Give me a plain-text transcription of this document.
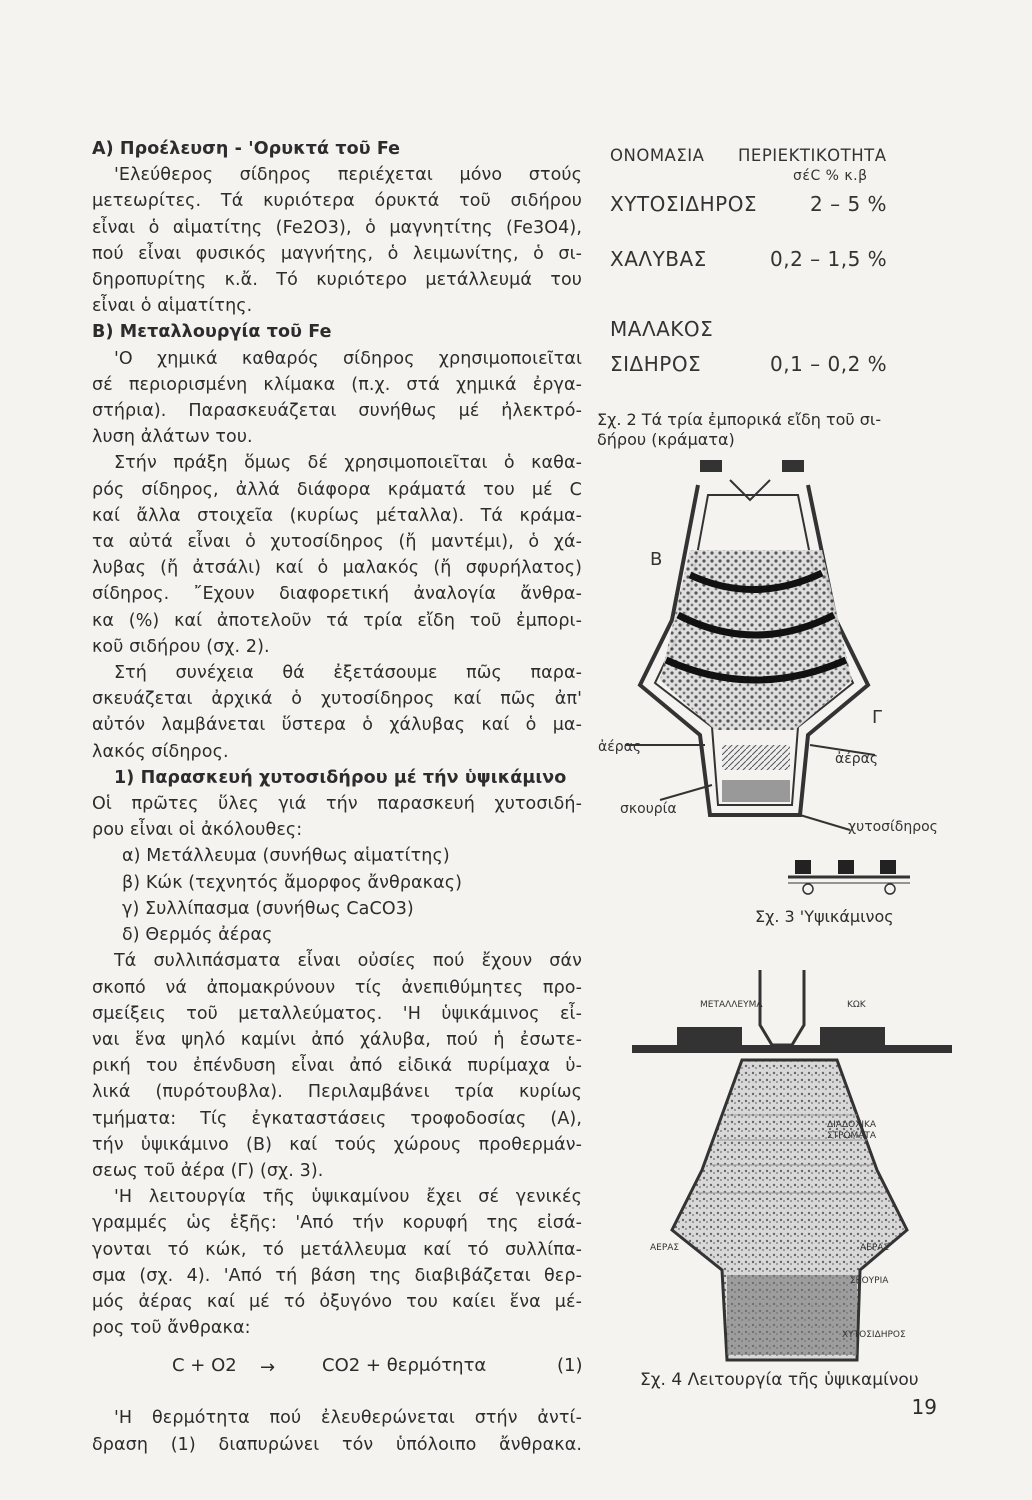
Α) Προέλευση - 'Ορυκτά τοῦ Fe
'Ελεύθερος σίδηρος περιέχεται μόνο στούς
μετεωρίτες. Τά κυριότερα όρυκτά τοῦ σιδήρου
εἶναι ὁ αἱματίτης (Fe2O3), ὁ μαγνητίτης (Fe3O4),
πού εἶναι φυσικός μαγνήτης, ὁ λειμωνίτης, ὁ σι-
δηροπυρίτης κ.ἄ. Τό κυριότερο μετάλλευμά του
εἶναι ὁ αἱματίτης.
Β) Μεταλλουργία τοῦ Fe
'Ο χημικά καθαρός σίδηρος χρησιμοποιεῖται
σέ περιορισμένη κλίμακα (π.χ. στά χημικά ἐργα-
στήρια). Παρασκευάζεται συνήθως μέ ἠλεκτρό-
λυση ἀλάτων του.
Στήν πράξη ὅμως δέ χρησιμοποιεῖται ὁ καθα-
ρός σίδηρος, ἀλλά διάφορα κράματά του μέ C
καί ἄλλα στοιχεῖα (κυρίως μέταλλα). Τά κράμα-
τα αὐτά εἶναι ὁ χυτοσίδηρος (ἤ μαντέμι), ὁ χά-
λυβας (ἤ ἀτσάλι) καί ὁ μαλακός (ἤ σφυρήλατος)
σίδηρος. ῎Εχουν διαφορετική ἀναλογία ἄνθρα-
κα (%) καί ἀποτελοῦν τά τρία εἴδη τοῦ ἐμπορι-
κοῦ σιδήρου (σχ. 2).
Στή συνέχεια θά ἐξετάσουμε πῶς παρα-
σκευάζεται ἀρχικά ὁ χυτοσίδηρος καί πῶς ἀπ'
αὐτόν λαμβάνεται ὕστερα ὁ χάλυβας καί ὁ μα-
λακός σίδηρος.
1) Παρασκευή χυτοσιδήρου μέ τήν ὑψικάμινο
Οἱ πρῶτες ὕλες γιά τήν παρασκευή χυτοσιδή-
ρου εἶναι οἱ ἀκόλουθες:
α) Μετάλλευμα (συνήθως αἱματίτης)
β) Κώκ (τεχνητός ἄμορφος ἄνθρακας)
γ) Συλλίπασμα (συνήθως CaCO3)
δ) Θερμός ἀέρας
Τά συλλιπάσματα εἶναι οὐσίες πού ἔχουν σάν
σκοπό νά ἀπομακρύνουν τίς ἀνεπιθύμητες προ-
σμείξεις τοῦ μεταλλεύματος. 'Η ὑψικάμινος εἶ-
ναι ἕνα ψηλό καμίνι ἀπό χάλυβα, πού ἡ ἐσωτε-
ρική του ἐπένδυση εἶναι ἀπό εἰδικά πυρίμαχα ὑ-
λικά (πυρότουβλα). Περιλαμβάνει τρία κυρίως
τμήματα: Τίς ἐγκαταστάσεις τροφοδοσίας (Α),
τήν ὑψικάμινο (Β) καί τούς χώρους προθερμάν-
σεως τοῦ ἀέρα (Γ) (σχ. 3).
'Η λειτουργία τῆς ὑψικαμίνου ἔχει σέ γενικές
γραμμές ὡς ἑξῆς: 'Από τήν κορυφή της εἰσά-
γονται τό κώκ, τό μετάλλευμα καί τό συλλίπα-
σμα (σχ. 4). 'Από τή βάση της διαβιβάζεται θερ-
μός ἀέρας καί μέ τό ὀξυγόνο του καίει ἕνα μέ-
ρος τοῦ ἄνθρακα:
C + O2 →	CO2 + θερμότητα	(1)
'Η θερμότητα πού ἐλευθερώνεται στήν ἀντί-
δραση (1) διαπυρώνει τόν ὑπόλοιπο ἄνθρακα.
ΟΝΟΜΑΣΙΑ ΠΕΡΙΕΚΤΙΚΟΤΗΤΑ
σέC % κ.β
ΧΥΤΟΣΙΔΗΡΟΣ	2 – 5 %
ΧΑΛΥΒΑΣ	0,2 – 1,5 %
ΜΑΛΑΚΟΣ
ΣΙΔΗΡΟΣ	0,1 – 0,2 %
Σχ. 2 Τά τρία ἐμπορικά εἴδη τοῦ σι-
δήρου (κράματα)
Β
Γ
ἀέρας
ἀέρας
σκουρία
χυτοσίδηρος
Σχ. 3 'Υψικάμινος
ΜΕΤΑΛΛΕΥΜΑ	ΚΩΚ
ΔΙΑΔΟΧΙΚΑ
ΣΤΡΩΜΑΤΑ
ΑΕΡΑΣ	ΑΕΡΑΣ
ΣΚΟΥΡΙΑ
ΧΥΤΟΣΙΔΗΡΟΣ
Σχ. 4 Λειτουργία τῆς ὑψικαμίνου
19
